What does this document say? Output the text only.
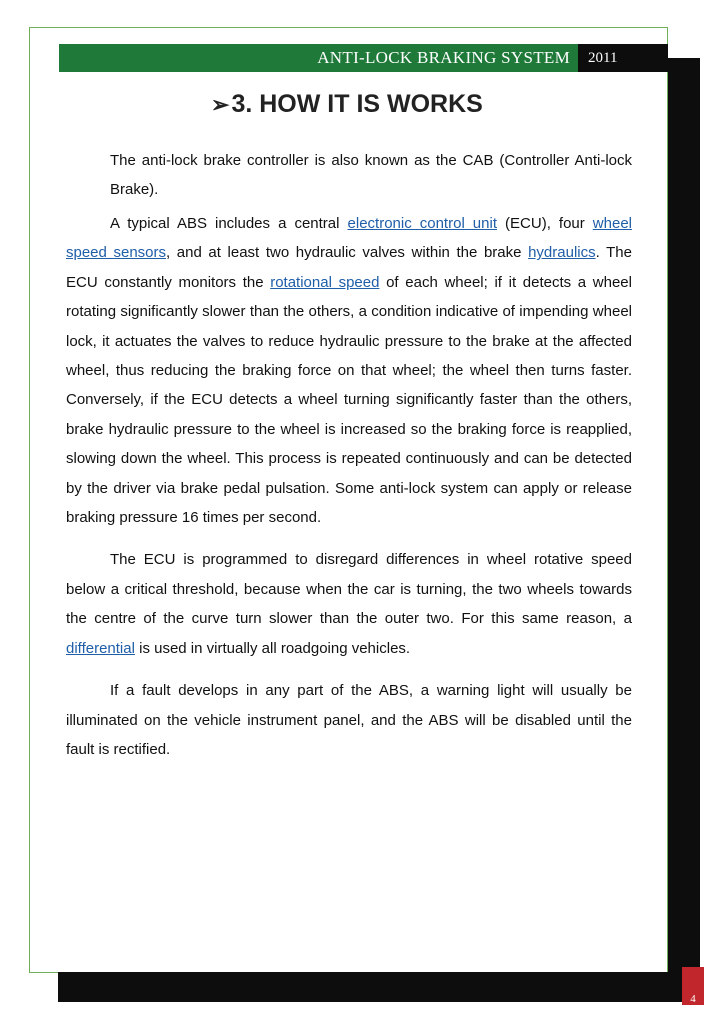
ANTI-LOCK BRAKING SYSTEM 2011
➢3. HOW IT IS WORKS

The anti-lock brake controller is also known as the CAB (Controller Anti-lock Brake).

A typical ABS includes a central electronic control unit (ECU), four wheel speed sensors, and at least two hydraulic valves within the brake hydraulics. The ECU constantly monitors the rotational speed of each wheel; if it detects a wheel rotating significantly slower than the others, a condition indicative of impending wheel lock, it actuates the valves to reduce hydraulic pressure to the brake at the affected wheel, thus reducing the braking force on that wheel; the wheel then turns faster. Conversely, if the ECU detects a wheel turning significantly faster than the others, brake hydraulic pressure to the wheel is increased so the braking force is reapplied, slowing down the wheel. This process is repeated continuously and can be detected by the driver via brake pedal pulsation. Some anti-lock system can apply or release braking pressure 16 times per second.

The ECU is programmed to disregard differences in wheel rotative speed below a critical threshold, because when the car is turning, the two wheels towards the centre of the curve turn slower than the outer two. For this same reason, a differential is used in virtually all roadgoing vehicles.

If a fault develops in any part of the ABS, a warning light will usually be illuminated on the vehicle instrument panel, and the ABS will be disabled until the fault is rectified.

4
